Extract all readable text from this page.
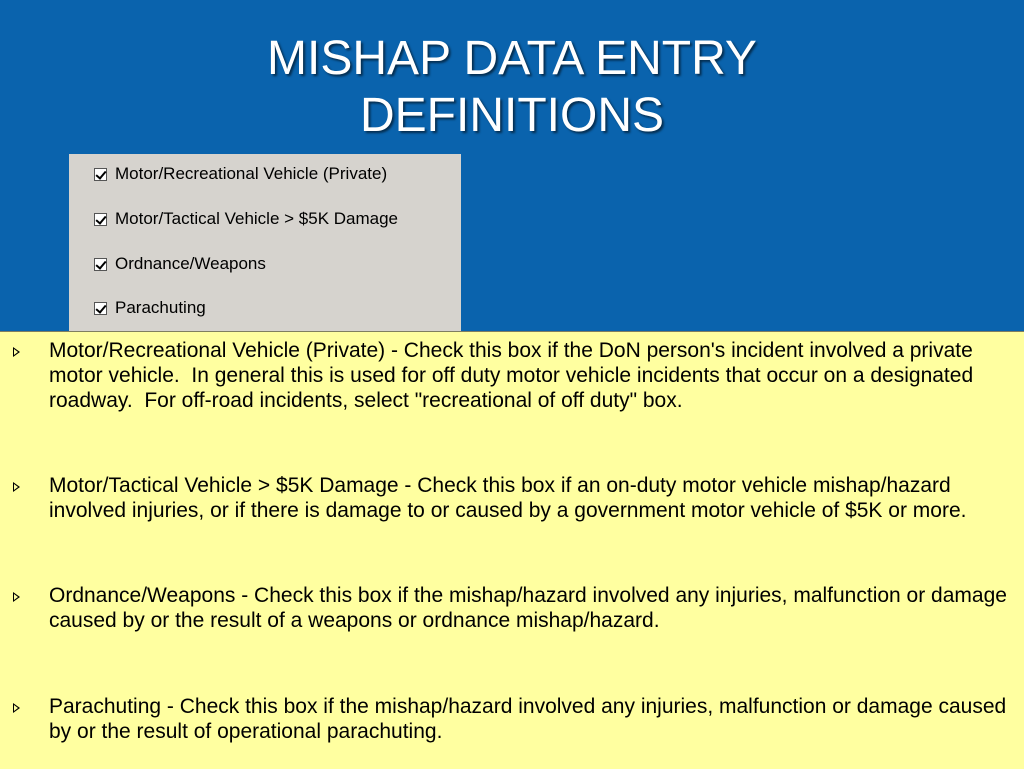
MISHAP DATA ENTRY
DEFINITIONS
Motor/Recreational Vehicle (Private)
Motor/Tactical Vehicle > $5K Damage
Ordnance/Weapons
Parachuting

Motor/Recreational Vehicle (Private) - Check this box if the DoN person's incident involved a private motor vehicle.  In general this is used for off duty motor vehicle incidents that occur on a designated roadway.  For off-road incidents, select "recreational of off duty" box.

Motor/Tactical Vehicle > $5K Damage - Check this box if an on-duty motor vehicle mishap/hazard involved injuries, or if there is damage to or caused by a government motor vehicle of $5K or more.

Ordnance/Weapons - Check this box if the mishap/hazard involved any injuries, malfunction or damage caused by or the result of a weapons or ordnance mishap/hazard.

Parachuting - Check this box if the mishap/hazard involved any injuries, malfunction or damage caused by or the result of operational parachuting.
